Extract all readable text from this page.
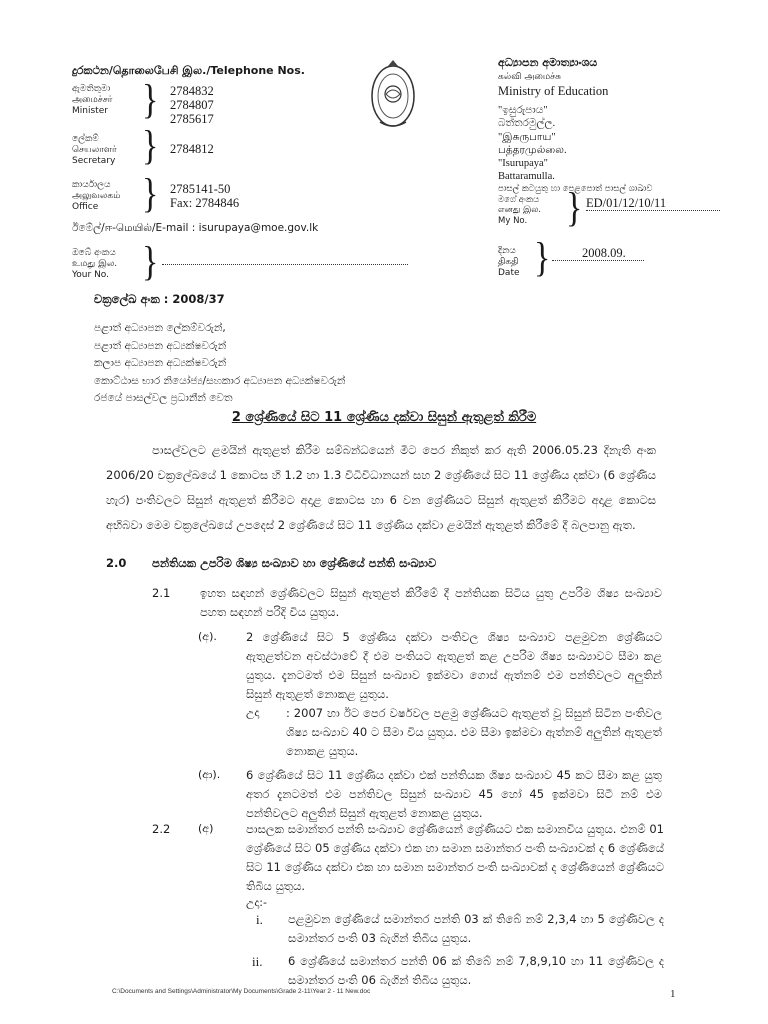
දුරකථන/தொலைபேசி இல./Telephone Nos.
ඇමතිතුමා
அமைச்சர்
Minister } 2784832
2784807
2785617
ලේකම්
செயலாளர்
Secretary } 2784812
කාර්යාලය
அலுவலகம்
Office	} 2785141-50
Fax: 2784846
ඊමේල්/ஈ-மெயில்/E-mail : isurupaya@moe.gov.lk
ඔබේ අංකය
உமது இல.
Your No. }
අධ්‍යාපන අමාත්‍යාංශය
கல்வி அமைச்சு
Ministry of Education
"ඉසුරුපාය"
බත්තරමුල්ල.
"இசுருபாய"
பத்தரமுல்லை.
"Isurupaya"
Battaramulla.
පාසල් කටයුතු හා පෙළපොත් පාසල් ශාඛාව
මගේ අංකය
எனது இல.
My No.	} ED/01/12/10/11
දිනය
திகதி
Date }	2008.09.
චක්‍රලේඛ අංක : 2008/37
පළාත් අධ්‍යාපන ලේකම්වරුන්,
පළාත් අධ්‍යාපන අධ්‍යක්ෂවරුන්
කලාප අධ්‍යාපන අධ්‍යක්ෂවරුන්
කොට්ඨාස භාර නියෝජ්‍ය/සහකාර අධ්‍යාපන අධ්‍යක්ෂවරුන්
රජයේ පාසල්වල ප්‍රධානීන් වෙත
2 ශ්‍රේණියේ සිට 11 ශ්‍රේණිය දක්වා සිසුන් ඇතුළත් කිරීම
පාසල්වලට ළමයින් ඇතුළත් කිරීම සම්බන්ධයෙන් මීට පෙර නිකුත් කර ඇති 2006.05.23 දිනැති අංක 2006/20 චක්‍රලේඛයේ 1 කොටස හි 1.2 හා 1.3 විධිවිධානයන් සහ 2 ශ්‍රේණියේ සිට 11 ශ්‍රේණිය දක්වා (6 ශ්‍රේණිය හැර) පංතිවලට සිසුන් ඇතුළත් කිරීමට අදාළ කොටස හා 6 වන ශ්‍රේණියට සිසුන් ඇතුළත් කිරීමට අදාළ කොටස අභිබවා මෙම චක්‍රලේඛයේ උපදෙස් 2 ශ්‍රේණියේ සිට 11 ශ්‍රේණිය දක්වා ළමයින් ඇතුළත් කිරීමේ දී බලපානු ඇත.
2.0 පන්තියක උපරිම ශිෂ්‍ය සංඛ්‍යාව හා ශ්‍රේණියේ පන්ති සංඛ්‍යාව
2.1	ඉහත සඳහන් ශ්‍රේණිවලට සිසුන් ඇතුළත් කිරීමේ දී පන්තියක සිටිය යුතු උපරිම ශිෂ්‍ය සංඛ්‍යාව පහත සඳහන් පරිදි විය යුතුය.
(අ).	2 ශ්‍රේණියේ සිට 5 ශ්‍රේණිය දක්වා පංතිවල ශිෂ්‍ය සංඛ්‍යාව පළමුවන ශ්‍රේණියට ඇතුළත්වන අවස්ථාවේ දී එම පංතියට ඇතුළත් කළ උපරිම ශිෂ්‍ය සංඛ්‍යාවට සීමා කළ යුතුය. දැනටමත් එම සිසුන් සංඛ්‍යාව ඉක්මවා ගොස් ඇත්නම් එම පන්තිවලට අලුතින් සිසුන් ඇතුළත් නොකළ යුතුය.
උදා : 2007 හා ඊට පෙර වර්ෂවල පළමු ශ්‍රේණියට ඇතුළත් වූ සිසුන් සිටින පංතිවල ශිෂ්‍ය සංඛ්‍යාව 40 ට සීමා විය යුතුය. එම සීමා ඉක්මවා ඇත්නම් අලුතින් ඇතුළත් නොකළ යුතුය.
(ආ). 6 ශ්‍රේණියේ සිට 11 ශ්‍රේණිය දක්වා එක් පන්තියක ශිෂ්‍ය සංඛ්‍යාව 45 කට සීමා කළ යුතු අතර දැනටමත් එම පන්තිවල සිසුන් සංඛ්‍යාව 45 හෝ 45 ඉක්මවා සිටී නම් එම පන්තිවලට අලුතින් සිසුන් ඇතුළත් නොකළ යුතුය.
2.2	(අ)	පාසලක සමාන්තර පන්ති සංඛ්‍යාව ශ්‍රේණියෙන් ශ්‍රේණියට එක සමානවිය යුතුය. එනම් 01 ශ්‍රේණියේ සිට 05 ශ්‍රේණිය දක්වා එක හා සමාන සමාන්තර පංති සංඛ්‍යාවක් ද 6 ශ්‍රේණියේ සිට 11 ශ්‍රේණිය දක්වා එක හා සමාන සමාන්තර පංති සංඛ්‍යාවක් ද ශ්‍රේණියෙන් ශ්‍රේණියට තිබිය යුතුය.
උදා:-
i. පළමුවන ශ්‍රේණියේ සමාන්තර පන්ති 03 ක් තිබේ නම් 2,3,4 හා 5 ශ්‍රේණිවල ද සමාන්තර පංති 03 බැගින් තිබිය යුතුය.
ii. 6 ශ්‍රේණියේ සමාන්තර පන්ති 06 ක් තිබේ නම් 7,8,9,10 හා 11 ශ්‍රේණිවල ද සමාන්තර පංති 06 බැගින් තිබිය යුතුය.
C:\Documents and Settings\Administrator\My Documents\Grade 2-11\Year 2 - 11 New.doc	1
